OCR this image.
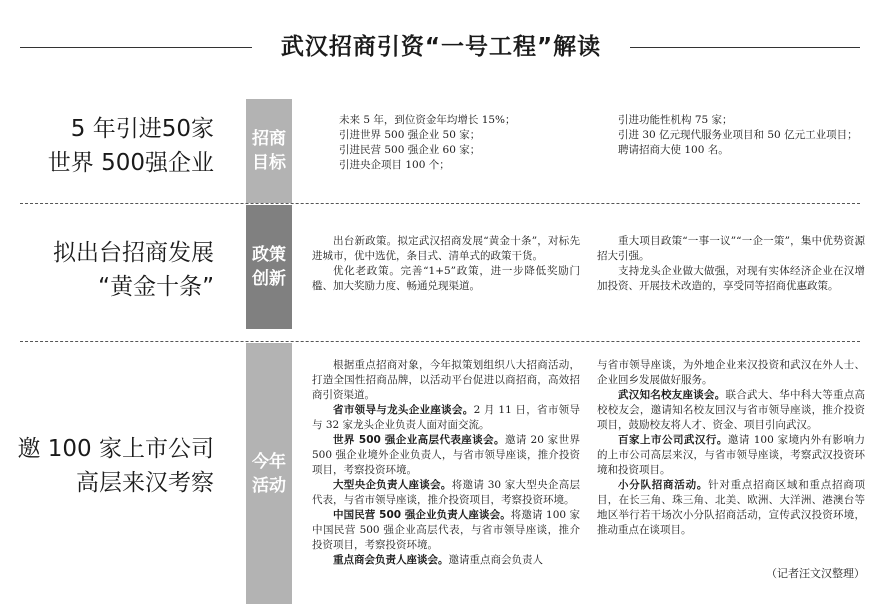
武汉招商引资“一号工程”解读
5 年引进50家
世界 500强企业
招商
目标

未来 5 年，到位资金年均增长 15%；

引进世界 500 强企业 50 家；

引进民营 500 强企业 60 家；

引进央企项目 100 个；

引进功能性机构 75 家；

引进 30 亿元现代服务业项目和 50 亿元工业项目；

聘请招商大使 100 名。

拟出台招商发展
“黄金十条”
政策
创新

出台新政策。拟定武汉招商发展“黄金十条”，对标先进城市，优中选优，条目式、清单式的政策干货。

优化老政策。完善“1+5”政策，进一步降低奖励门槛、加大奖励力度、畅通兑现渠道。

重大项目政策“一事一议”“一企一策”，集中优势资源招大引强。

支持龙头企业做大做强，对现有实体经济企业在汉增加投资、开展技术改造的，享受同等招商优惠政策。

邀 100 家上市公司
高层来汉考察
今年
活动

根据重点招商对象，今年拟策划组织八大招商活动，打造全国性招商品牌，以活动平台促进以商招商，高效招商引资渠道。

省市领导与龙头企业座谈会。2 月 11 日，省市领导与 32 家龙头企业负责人面对面交流。

世界 500 强企业高层代表座谈会。邀请 20 家世界 500 强企业境外企业负责人，与省市领导座谈，推介投资项目，考察投资环境。

大型央企负责人座谈会。将邀请 30 家大型央企高层代表，与省市领导座谈，推介投资项目，考察投资环境。

中国民营 500 强企业负责人座谈会。将邀请 100 家中国民营 500 强企业高层代表，与省市领导座谈，推介投资项目，考察投资环境。

重点商会负责人座谈会。邀请重点商会负责人

与省市领导座谈，为外地企业来汉投资和武汉在外人士、企业回乡发展做好服务。

武汉知名校友座谈会。联合武大、华中科大等重点高校校友会，邀请知名校友回汉与省市领导座谈，推介投资项目，鼓励校友将人才、资金、项目引向武汉。

百家上市公司武汉行。邀请 100 家境内外有影响力的上市公司高层来汉，与省市领导座谈，考察武汉投资环境和投资项目。

小分队招商活动。针对重点招商区域和重点招商项目，在长三角、珠三角、北美、欧洲、大洋洲、港澳台等地区举行若干场次小分队招商活动，宣传武汉投资环境，推动重点在谈项目。

（记者汪文汉整理）
